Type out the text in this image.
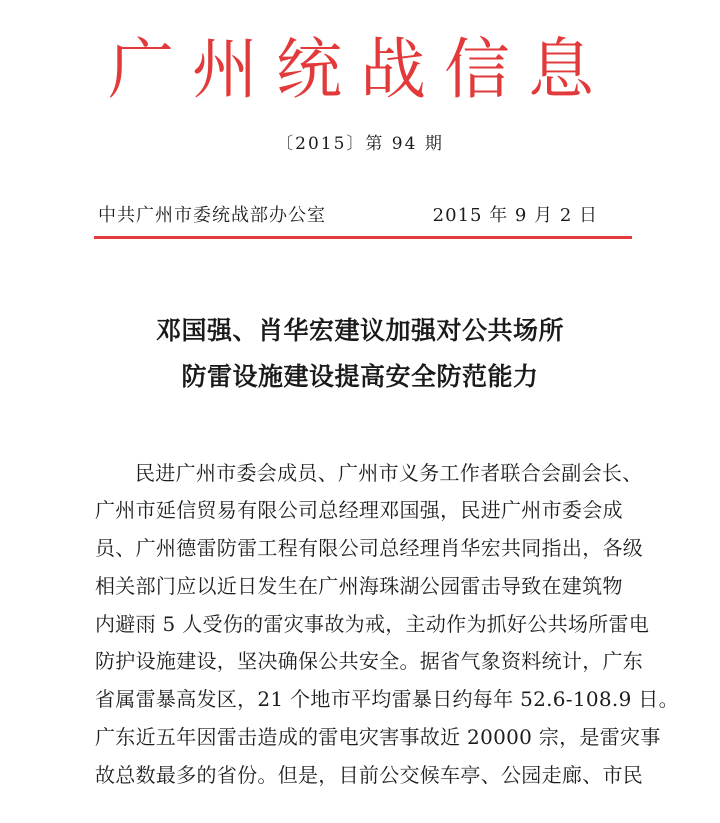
广州统战信息
〔2015〕第 94 期
中共广州市委统战部办公室	2015 年 9 月 2 日
邓国强、肖华宏建议加强对公共场所
防雷设施建设提高安全防范能力
民进广州市委会成员、广州市义务工作者联合会副会长、
广州市延信贸易有限公司总经理邓国强，民进广州市委会成
员、广州德雷防雷工程有限公司总经理肖华宏共同指出，各级
相关部门应以近日发生在广州海珠湖公园雷击导致在建筑物
内避雨 5 人受伤的雷灾事故为戒，主动作为抓好公共场所雷电
防护设施建设，坚决确保公共安全。据省气象资料统计，广东
省属雷暴高发区，21 个地市平均雷暴日约每年 52.6-108.9 日。
广东近五年因雷击造成的雷电灾害事故近 20000 宗，是雷灾事
故总数最多的省份。但是，目前公交候车亭、公园走廊、市民
